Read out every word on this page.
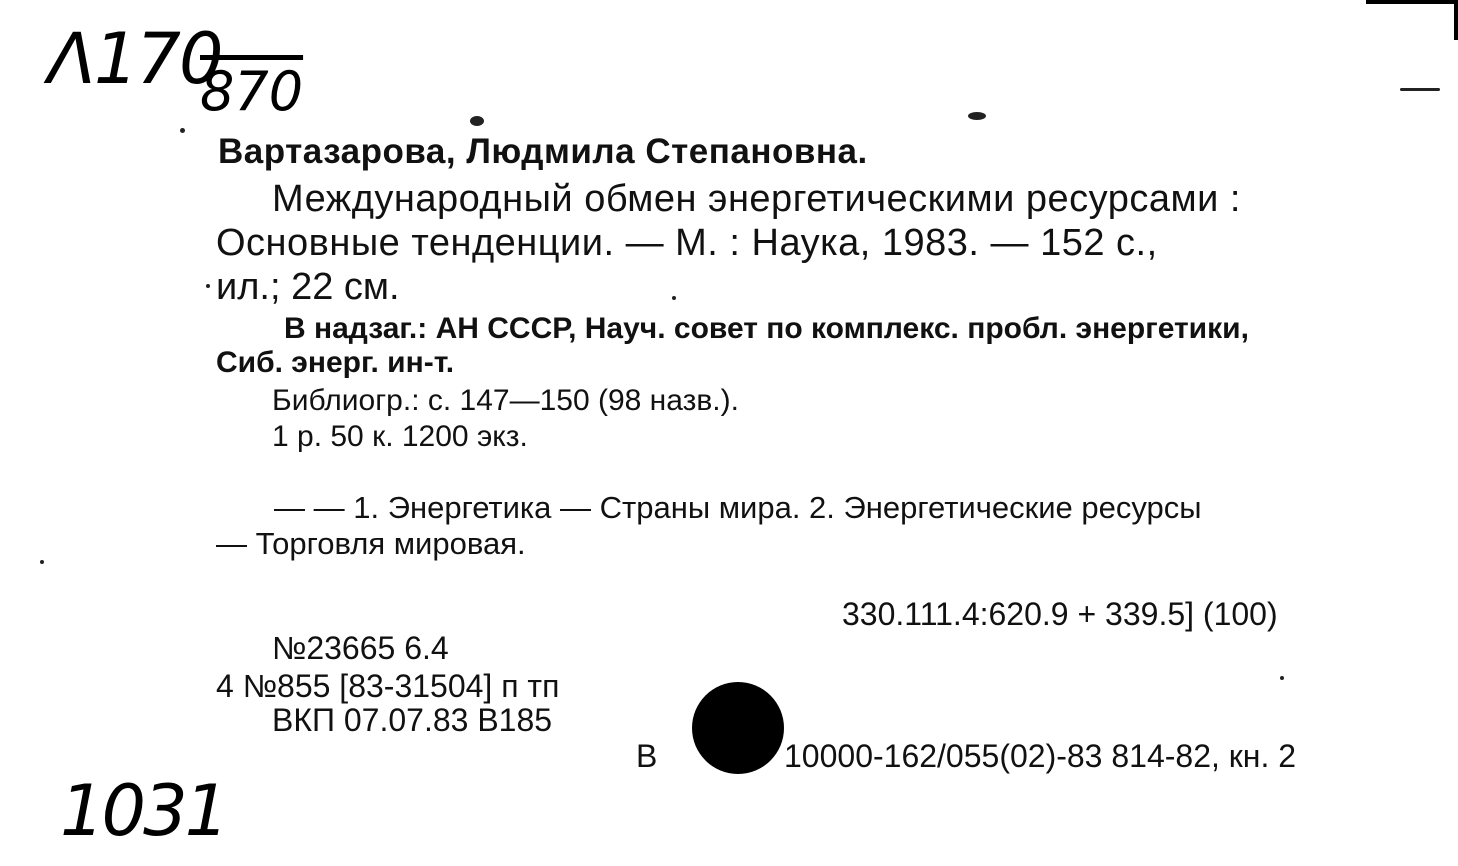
Λ170
870
Вартазарова, Людмила Степановна.
Международный обмен энергетическими ресурсами :
Основные тенденции. — М. : Наука, 1983. — 152 с.,
ил.; 22 см.
В надзаг.: АН СССР, Науч. совет по комплекс. пробл. энергетики,
Сиб. энерг. ин-т.
Библиогр.: с. 147—150 (98 назв.).
1 р. 50 к. 1200 экз.
— — 1. Энергетика — Страны мира. 2. Энергетические ресурсы
— Торговля мировая.
330.111.4:620.9 + 339.5] (100)
№23665 6.4
4 №855 [83-31504] п тп
ВКП 07.07.83 В185
В	10000-162/055(02)-83 814-82, кн. 2
1031
